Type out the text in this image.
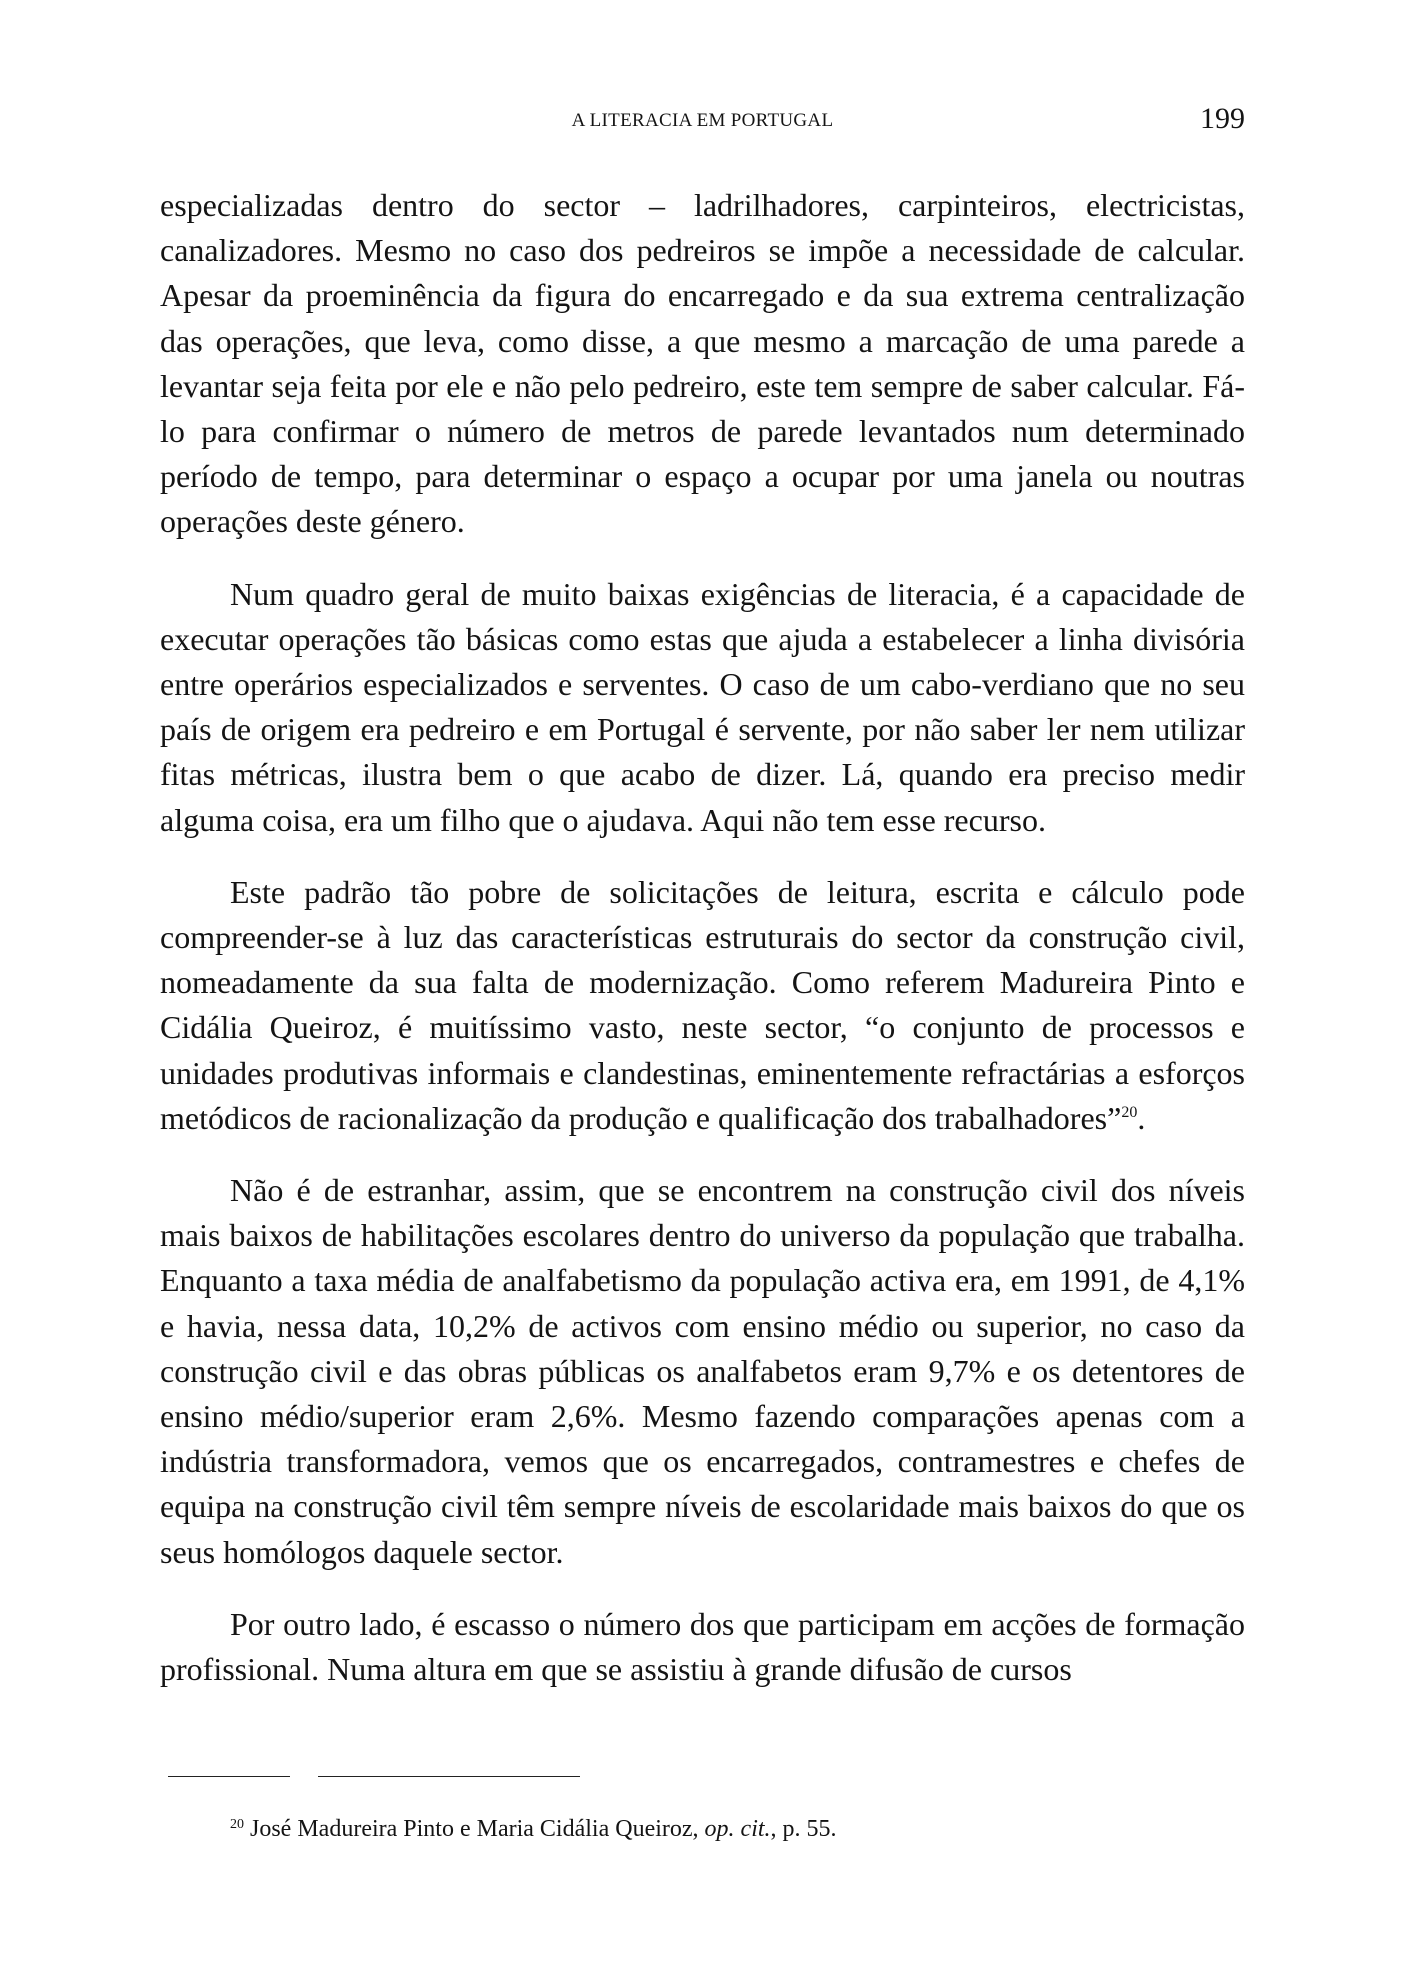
A LITERACIA EM PORTUGAL	199

especializadas dentro do sector – ladrilhadores, carpinteiros, electricistas, canalizadores. Mesmo no caso dos pedreiros se impõe a necessidade de calcular. Apesar da proeminência da figura do encarregado e da sua extrema centralização das operações, que leva, como disse, a que mesmo a marcação de uma parede a levantar seja feita por ele e não pelo pedreiro, este tem sempre de saber calcular. Fá-lo para confirmar o número de metros de parede levantados num determinado período de tempo, para determinar o espaço a ocupar por uma janela ou noutras operações deste género.

Num quadro geral de muito baixas exigências de literacia, é a capacidade de executar operações tão básicas como estas que ajuda a estabelecer a linha divisória entre operários especializados e serventes. O caso de um cabo-verdiano que no seu país de origem era pedreiro e em Portugal é servente, por não saber ler nem utilizar fitas métricas, ilustra bem o que acabo de dizer. Lá, quando era preciso medir alguma coisa, era um filho que o ajudava. Aqui não tem esse recurso.

Este padrão tão pobre de solicitações de leitura, escrita e cálculo pode compreender-se à luz das características estruturais do sector da construção civil, nomeadamente da sua falta de modernização. Como referem Madureira Pinto e Cidália Queiroz, é muitíssimo vasto, neste sector, “o conjunto de processos e unidades produtivas informais e clandestinas, eminentemente refractárias a esforços metódicos de racionalização da produção e qualificação dos trabalhadores”$^{20}$.

Não é de estranhar, assim, que se encontrem na construção civil dos níveis mais baixos de habilitações escolares dentro do universo da população que trabalha. Enquanto a taxa média de analfabetismo da população activa era, em 1991, de 4,1% e havia, nessa data, 10,2% de activos com ensino médio ou superior, no caso da construção civil e das obras públicas os analfabetos eram 9,7% e os detentores de ensino médio/superior eram 2,6%. Mesmo fazendo comparações apenas com a indústria transformadora, vemos que os encarregados, contramestres e chefes de equipa na construção civil têm sempre níveis de escolaridade mais baixos do que os seus homólogos daquele sector.

Por outro lado, é escasso o número dos que participam em acções de formação profissional. Numa altura em que se assistiu à grande difusão de cursos

$^{20}$ José Madureira Pinto e Maria Cidália Queiroz, op. cit., p. 55.
